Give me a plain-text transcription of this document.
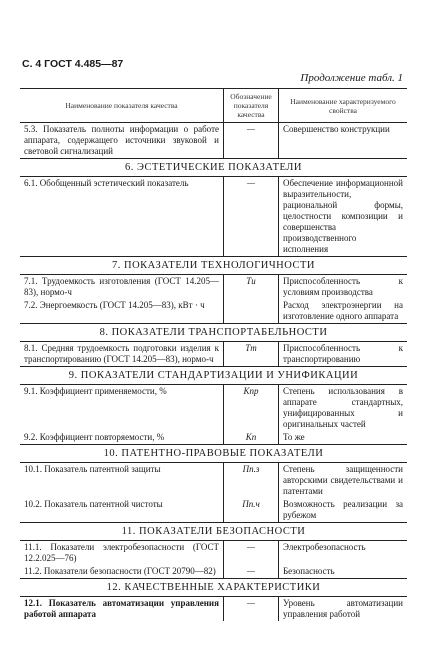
С. 4 ГОСТ 4.485—87
Продолжение табл. 1
Наименование показателя качества	Обозначение показателя качества	Наименование характеризуемого свойства
5.3. Показатель полноты информации о работе аппарата, содержащего источники звуковой и световой сигнализаций	—	Совершенство конструкции
6. ЭСТЕТИЧЕСКИЕ ПОКАЗАТЕЛИ		
6.1. Обобщенный эстетический показатель	—	Обеспечение информационной выразительности, рациональной формы, целостности композиции и совершенства производственного исполнения
7. ПОКАЗАТЕЛИ ТЕХНОЛОГИЧНОСТИ		
7.1. Трудоемкость изготовления (ГОСТ 14.205—83), нормо-ч	Tи	Приспособленность к условиям производства
7.2. Энергоемкость (ГОСТ 14.205—83), кВт · ч		Расход электроэнергии на изготовление одного аппарата
8. ПОКАЗАТЕЛИ ТРАНСПОРТАБЕЛЬНОСТИ		
8.1. Средняя трудоемкость подготовки изделия к транспортированию (ГОСТ 14.205—83), нормо-ч	Tт	Приспособленность к транспортированию
9. ПОКАЗАТЕЛИ СТАНДАРТИЗАЦИИ И УНИФИКАЦИИ		
9.1. Коэффициент применяемости, %	Kпр	Степень использования в аппарате стандартных, унифицированных и оригинальных частей
9.2. Коэффициент повторяемости, %	Kп	То же
10. ПАТЕНТНО-ПРАВОВЫЕ ПОКАЗАТЕЛИ		
10.1. Показатель патентной защиты	Пп.з	Степень защищенности авторскими свидетельствами и патентами
10.2. Показатель патентной чистоты	Пп.ч	Возможность реализации за рубежом
11. ПОКАЗАТЕЛИ БЕЗОПАСНОСТИ		
11.1. Показатели электробезопасности (ГОСТ 12.2.025—76)	—	Электробезопасность
11.2. Показатели безопасности (ГОСТ 20790—82)	—	Безопасность
12. КАЧЕСТВЕННЫЕ ХАРАКТЕРИСТИКИ		
12.1. Показатель автоматизации управления работой аппарата	—	Уровень автоматизации управления работой
